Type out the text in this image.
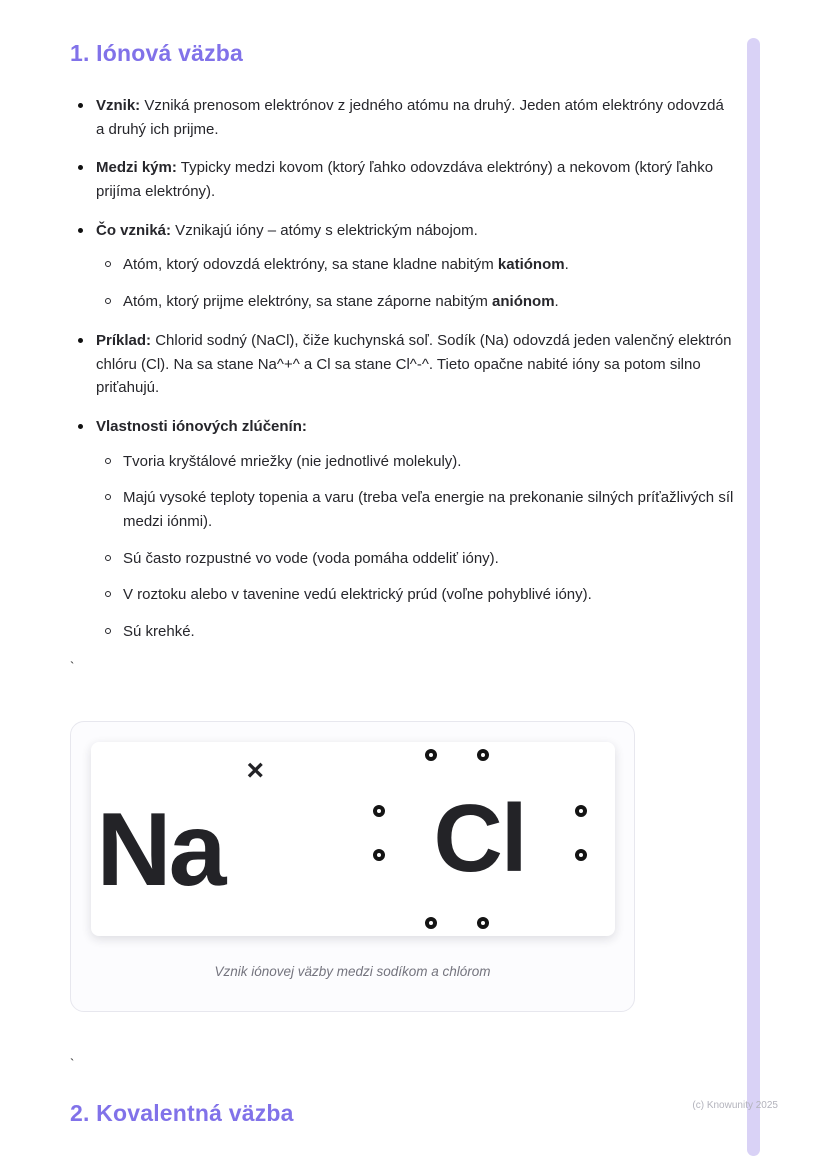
1. Iónová väzba
Vznik: Vzniká prenosom elektrónov z jedného atómu na druhý. Jeden atóm elektróny odovzdá a druhý ich prijme.
Medzi kým: Typicky medzi kovom (ktorý ľahko odovzdáva elektróny) a nekovom (ktorý ľahko prijíma elektróny).
Čo vzniká: Vznikajú ióny – atómy s elektrickým nábojom.
Atóm, ktorý odovzdá elektróny, sa stane kladne nabitým katiónom.
Atóm, ktorý prijme elektróny, sa stane záporne nabitým aniónom.
Príklad: Chlorid sodný (NaCl), čiže kuchynská soľ. Sodík (Na) odovzdá jeden valenčný elektrón chlóru (Cl). Na sa stane Na^+^ a Cl sa stane Cl^-^. Tieto opačne nabité ióny sa potom silno priťahujú.
Vlastnosti iónových zlúčenín:
Tvoria kryštálové mriežky (nie jednotlivé molekuly).
Majú vysoké teploty topenia a varu (treba veľa energie na prekonanie silných príťažlivých síl medzi iónmi).
Sú často rozpustné vo vode (voda pomáha oddeliť ióny).
V roztoku alebo v tavenine vedú elektrický prúd (voľne pohyblivé ióny).
Sú krehké.
`
×
Na Cl
Vznik iónovej väzby medzi sodíkom a chlórom
`
2. Kovalentná väzba	(c) Knowunity 2025
